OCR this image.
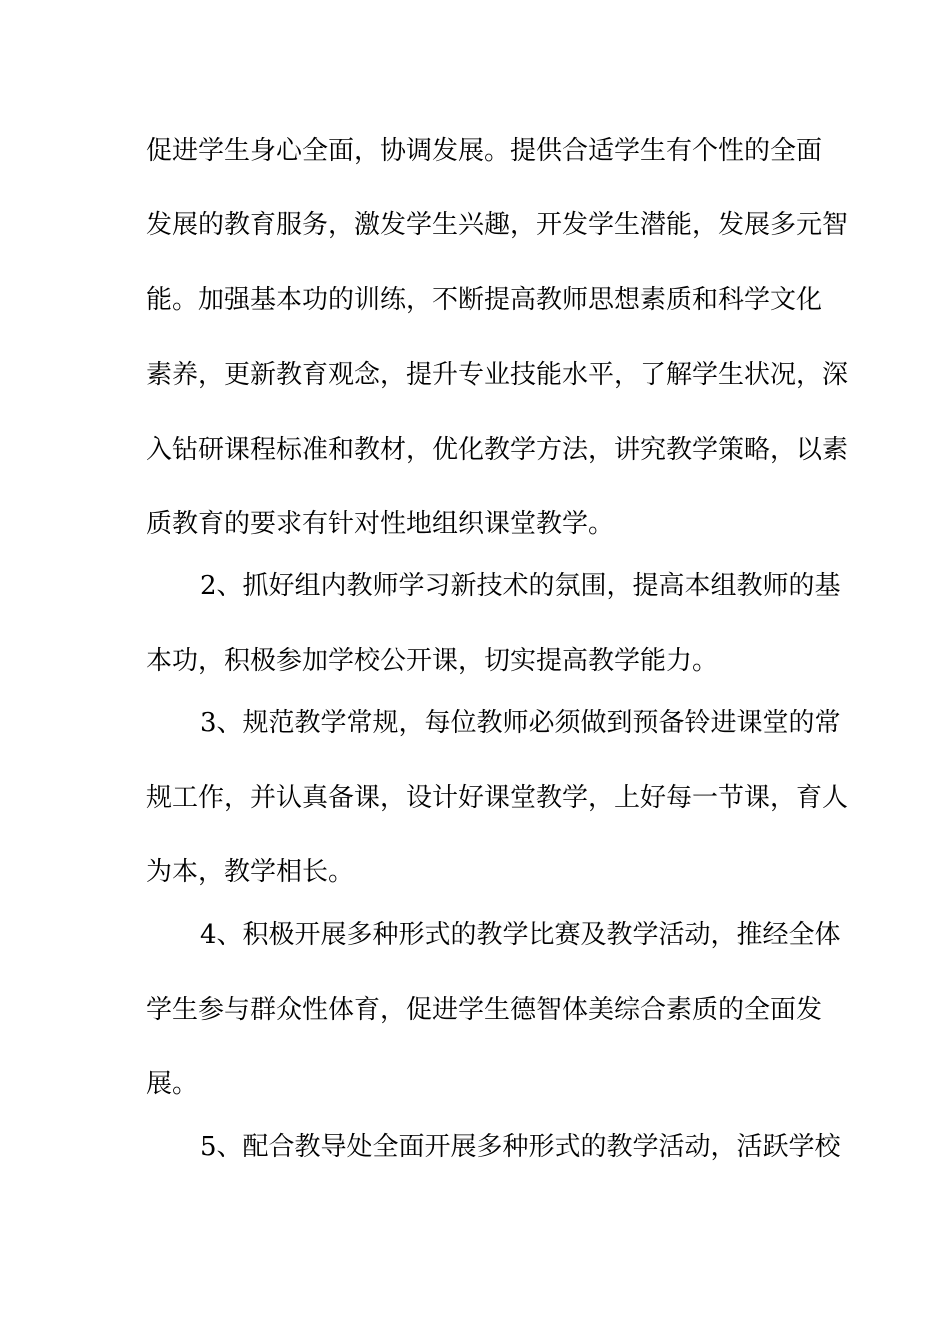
促进学生身心全面，协调发展。提供合适学生有个性的全面
发展的教育服务，激发学生兴趣，开发学生潜能，发展多元智
能。加强基本功的训练，不断提高教师思想素质和科学文化
素养，更新教育观念，提升专业技能水平，了解学生状况，深
入钻研课程标准和教材，优化教学方法，讲究教学策略，以素
质教育的要求有针对性地组织课堂教学。
2、抓好组内教师学习新技术的氛围，提高本组教师的基
本功，积极参加学校公开课，切实提高教学能力。
3、规范教学常规，每位教师必须做到预备铃进课堂的常
规工作，并认真备课，设计好课堂教学，上好每一节课，育人
为本，教学相长。
4、积极开展多种形式的教学比赛及教学活动，推经全体
学生参与群众性体育，促进学生德智体美综合素质的全面发
展。
5、配合教导处全面开展多种形式的教学活动，活跃学校
